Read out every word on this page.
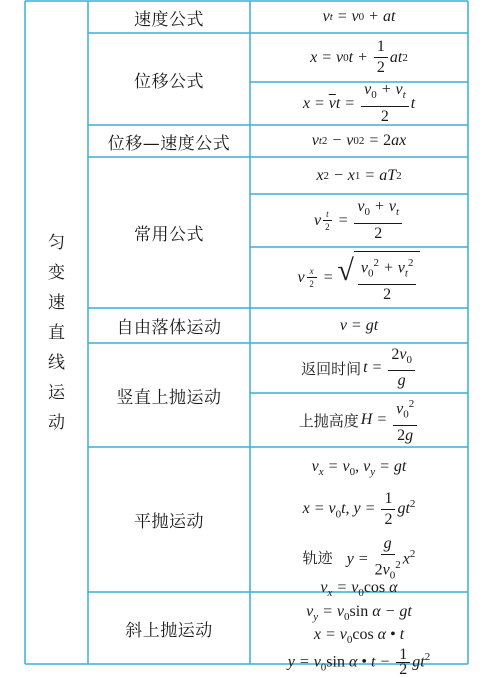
匀
变
速
直
线
运
动
速度公式
位移公式
位移—速度公式
常用公式
自由落体运动
竖直上抛运动
平抛运动
斜上抛运动
v t = v 0 + at
x = v 0 t +
1
2
at 2
$x = \overline{v}$ t =
$v_0 + v_t$
2
t
v t 2 − v 0 2 = 2 ax
x 2 − x 1 = aT 2
v $\frac{t}{2}$ =
$v_0 + v_t$
2
v $\frac{x}{2}$ = √ $\frac{v_0^2 + v_t^2}{2}$
v = gt
返回时间 t =
$2v_0$
g
上抛高度 H =
$v_0^2$
2g
$v_x = v_0$, $v_y$ = gt
$x = v_0t$, $y = \frac{1}{2} gt^2$
轨迹   $y = \frac{g}{2v_0^2} x^2$
$v_x = v_0\cos$ α
$v_y = v_0\sin$ α − gt
$x = v_0\cos$ α • t
$y = v_0\sin$ α • $t - \frac{1}{2} gt^2$
